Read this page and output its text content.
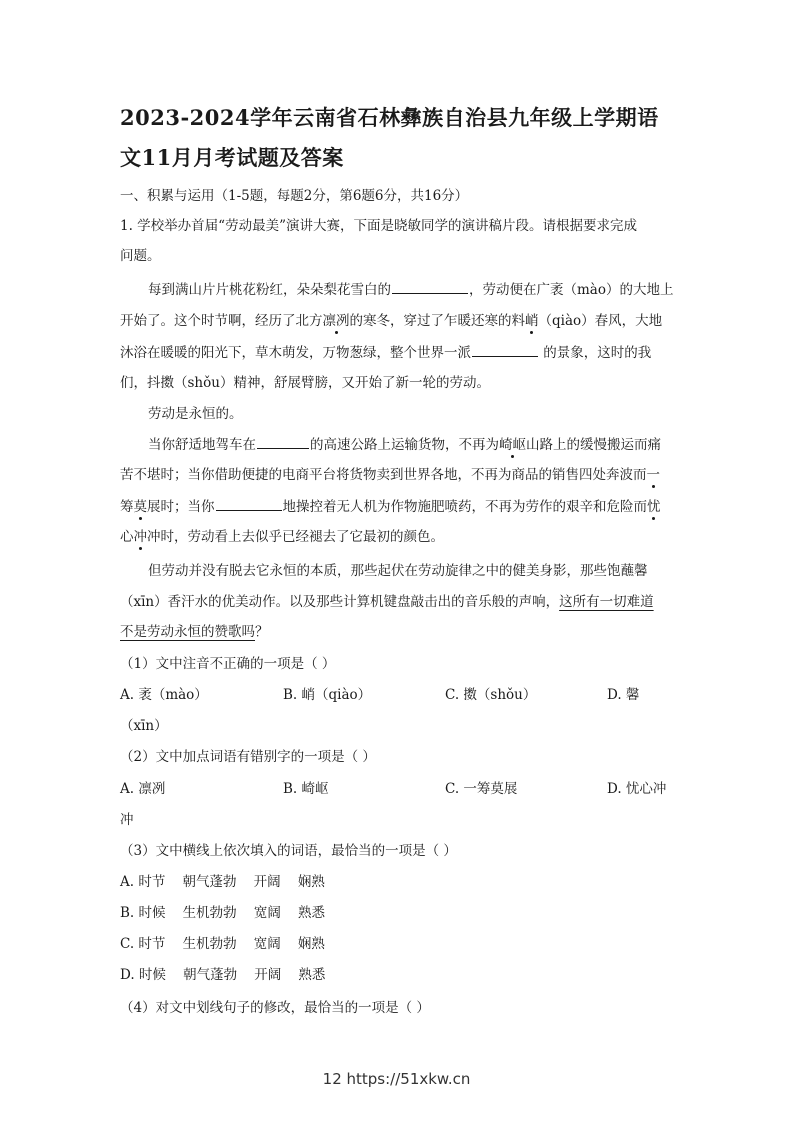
2023-2024学年云南省石林彝族自治县九年级上学期语文11月月考试题及答案
一、积累与运用（1-5题，每题2分，第6题6分，共16分）
1. 学校举办首届“劳动最美”演讲大赛，下面是晓敏同学的演讲稿片段。请根据要求完成
问题。
每到满山片片桃花粉红，朵朵梨花雪白的	，劳动便在广袤（mào）的大地上
开始了。这个时节啊，经历了北方凛冽的寒冬，穿过了乍暖还寒的料峭（qiào）春风，大地
沐浴在暖暖的阳光下，草木萌发，万物葱绿，整个世界一派	的景象，这时的我
们，抖擞（shǒu）精神，舒展臂膀，又开始了新一轮的劳动。
劳动是永恒的。
当你舒适地驾车在	的高速公路上运输货物，不再为崎岖山路上的缓慢搬运而痛
苦不堪时；当你借助便捷的电商平台将货物卖到世界各地，不再为商品的销售四处奔波而一
筹莫展时；当你	地操控着无人机为作物施肥喷药，不再为劳作的艰辛和危险而忧
心冲冲时，劳动看上去似乎已经褪去了它最初的颜色。
但劳动并没有脱去它永恒的本质，那些起伏在劳动旋律之中的健美身影，那些饱蘸馨
（xīn）香汗水的优美动作。以及那些计算机键盘敲击出的音乐般的声响，这所有一切难道
不是劳动永恒的赞歌吗？
（1）文中注音不正确的一项是（ ）
A. 袤（mào）	B. 峭（qiào）	C. 擞（shǒu）	D. 馨
（xīn）
（2）文中加点词语有错别字的一项是（ ）
A. 凛冽	B. 崎岖	C. 一筹莫展	D. 忧心冲
冲
（3）文中横线上依次填入的词语，最恰当的一项是（ ）
A. 时节    朝气蓬勃    开阔    娴熟
B. 时候    生机勃勃    宽阔    熟悉
C. 时节    生机勃勃    宽阔    娴熟
D. 时候    朝气蓬勃    开阔    熟悉
（4）对文中划线句子的修改，最恰当的一项是（ ）
12 https://51xkw.cn
